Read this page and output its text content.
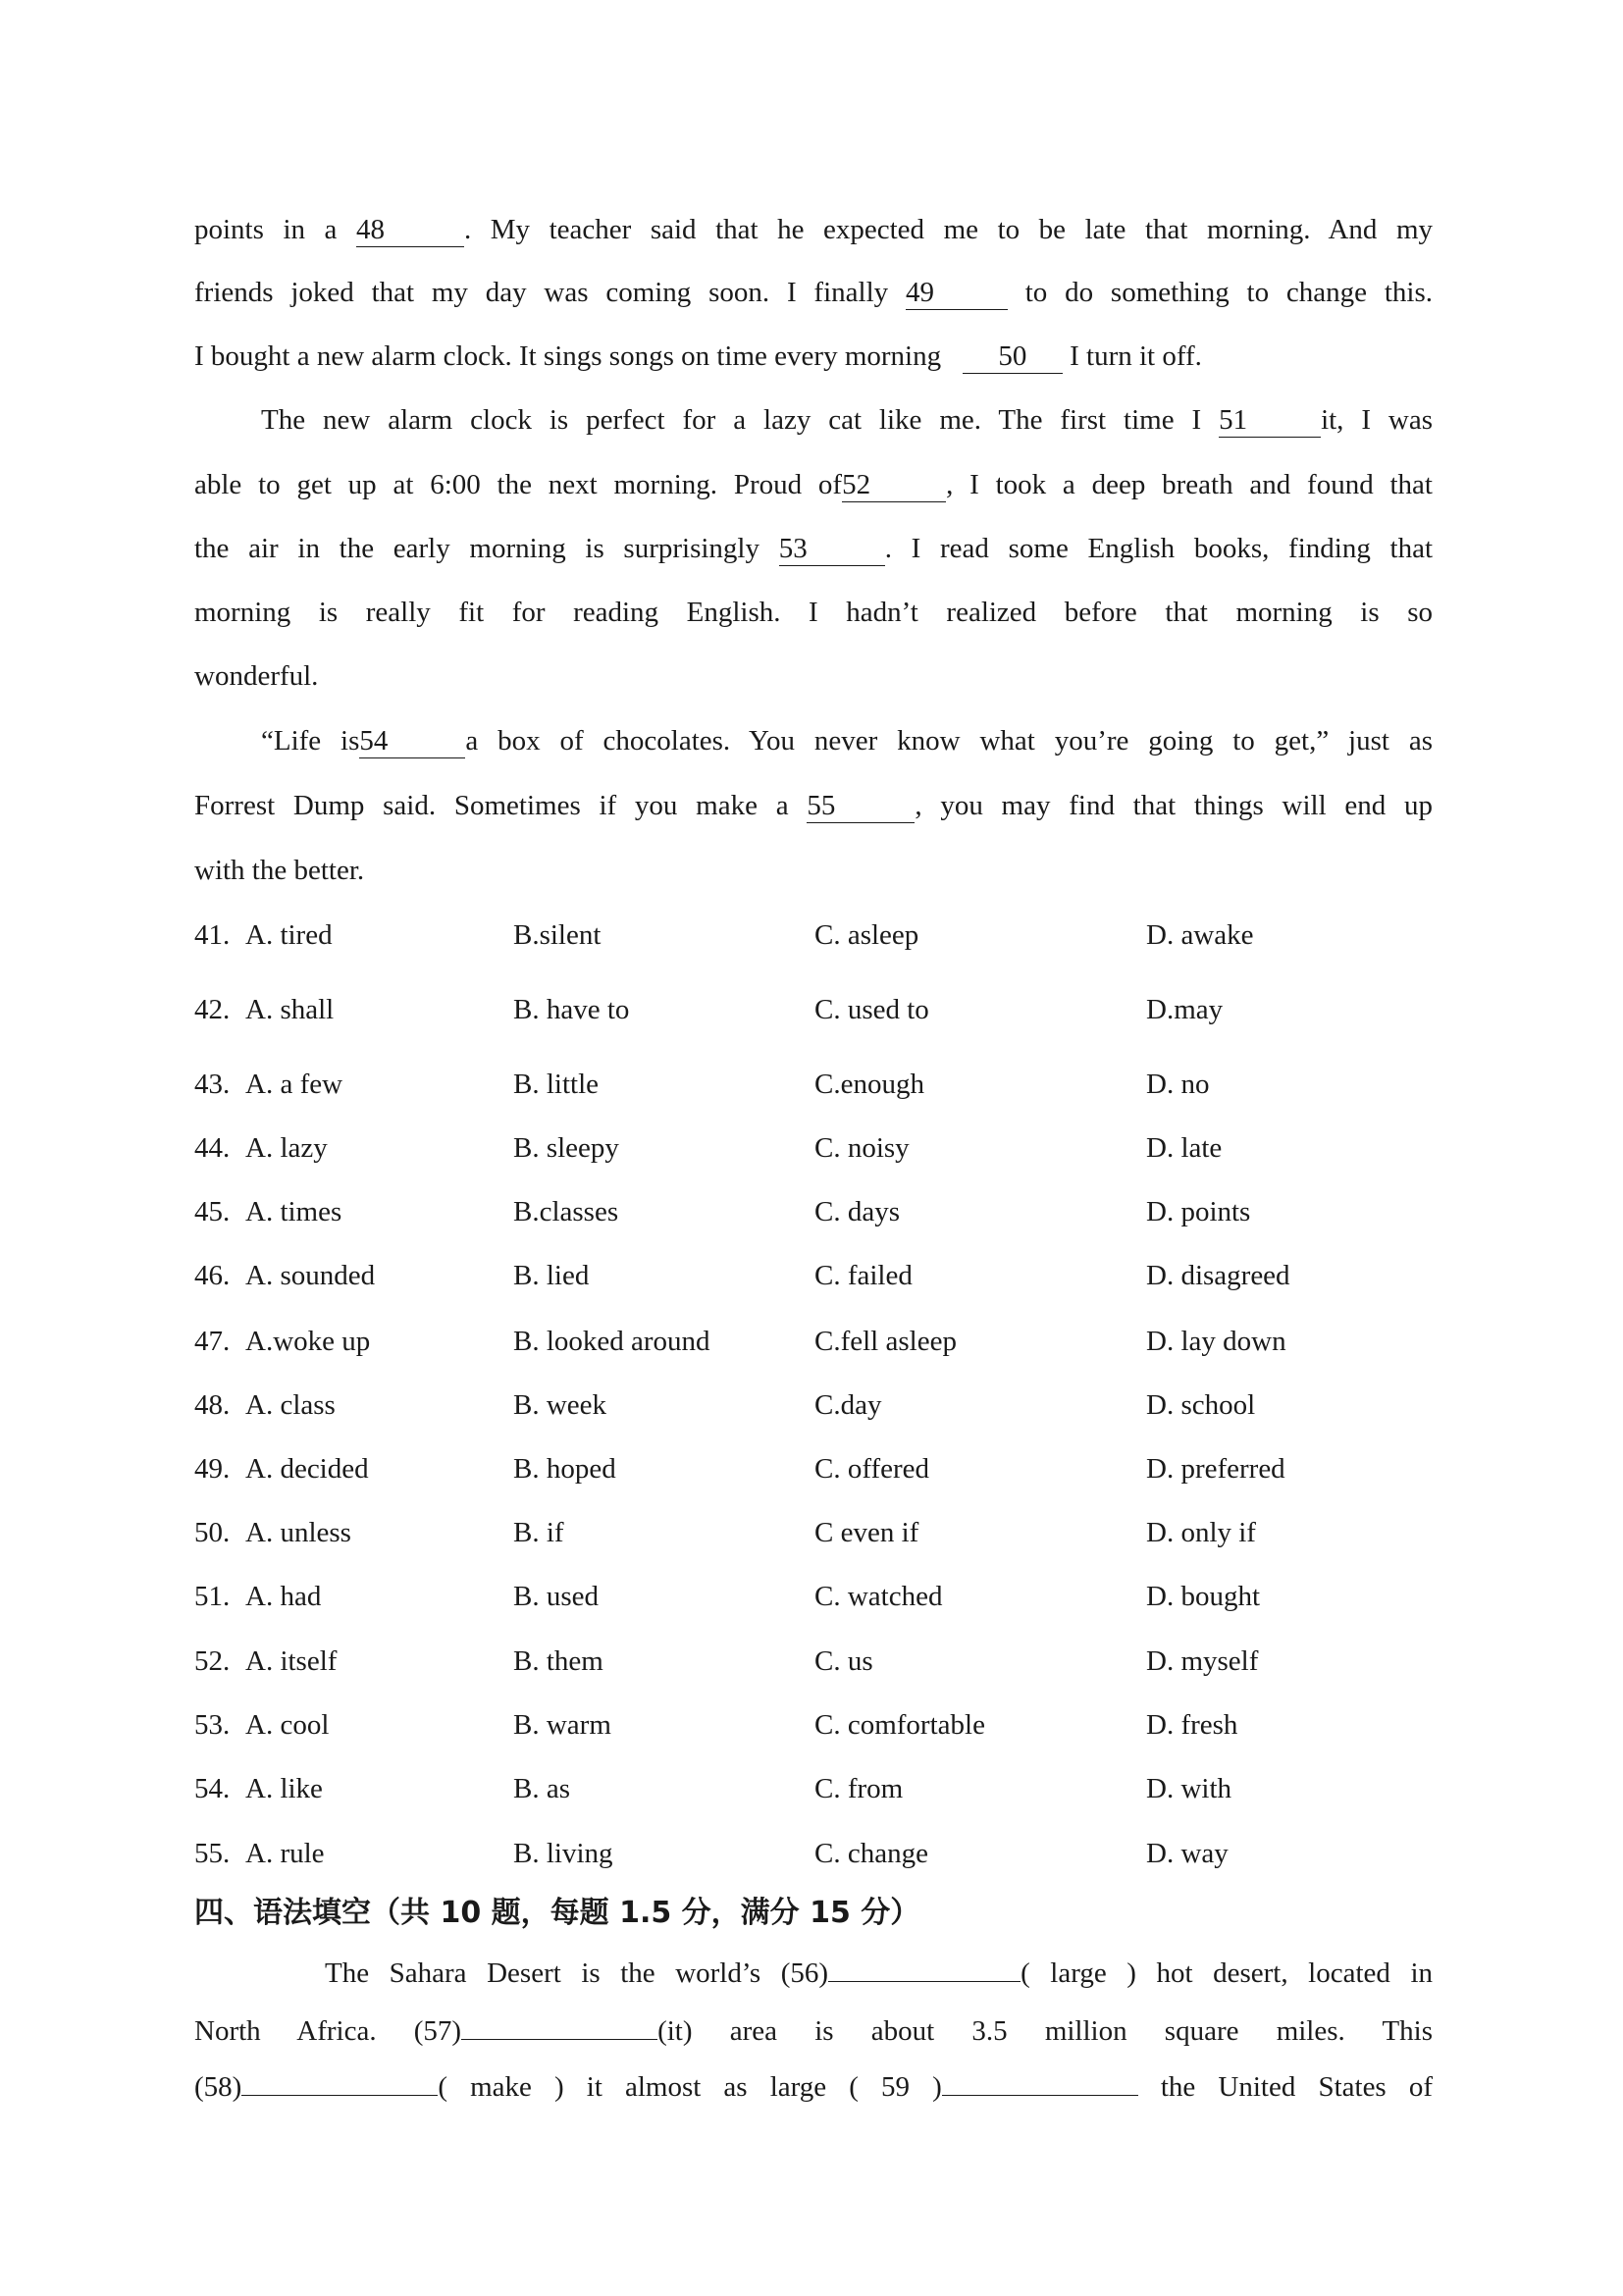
points in a 48	. My teacher said that he expected me to be late that morning. And my
friends joked that my day was coming soon. I finally 49	to do something to change this.
I bought a new alarm clock. It sings songs on time every morning 50 I turn it off.
The new alarm clock is perfect for a lazy cat like me. The first time I 51	it, I was
able to get up at 6:00 the next morning. Proud of52	, I took a deep breath and found that
the air in the early morning is surprisingly 53	. I read some English books, finding that
morning is really fit for reading English. I hadn’t realized before that morning is so
wonderful.
“Life is54	a box of chocolates. You never know what you’re going to get,” just as
Forrest Dump said. Sometimes if you make a 55	, you may find that things will end up
with the better.
41. A. tired	B.silent	C. asleep	D. awake
42. A. shall	B. have to	C. used to	D.may
43. A. a few	B. little	C.enough	D. no
44. A. lazy	B. sleepy	C. noisy	D. late
45. A. times	B.classes	C. days	D. points
46. A. sounded	B. lied	C. failed	D. disagreed
47. A.woke up	B. looked around	C.fell asleep	D. lay down
48. A. class	B. week	C.day	D. school
49. A. decided	B. hoped	C. offered	D. preferred
50. A. unless	B. if	C even if	D. only if
51. A. had	B. used	C. watched	D. bought
52. A. itself	B. them	C. us	D. myself
53. A. cool	B. warm	C. comfortable	D. fresh
54. A. like	B. as	C. from	D. with
55. A. rule	B. living	C. change	D. way
四、语法填空（共 10 题，每题 1.5 分，满分 15 分）
The Sahara Desert is the world’s (56)	( large ) hot desert, located in
North Africa. (57)	(it) area is about 3.5 million square miles. This
(58)	( make ) it almost as large ( 59 )	the United States of
